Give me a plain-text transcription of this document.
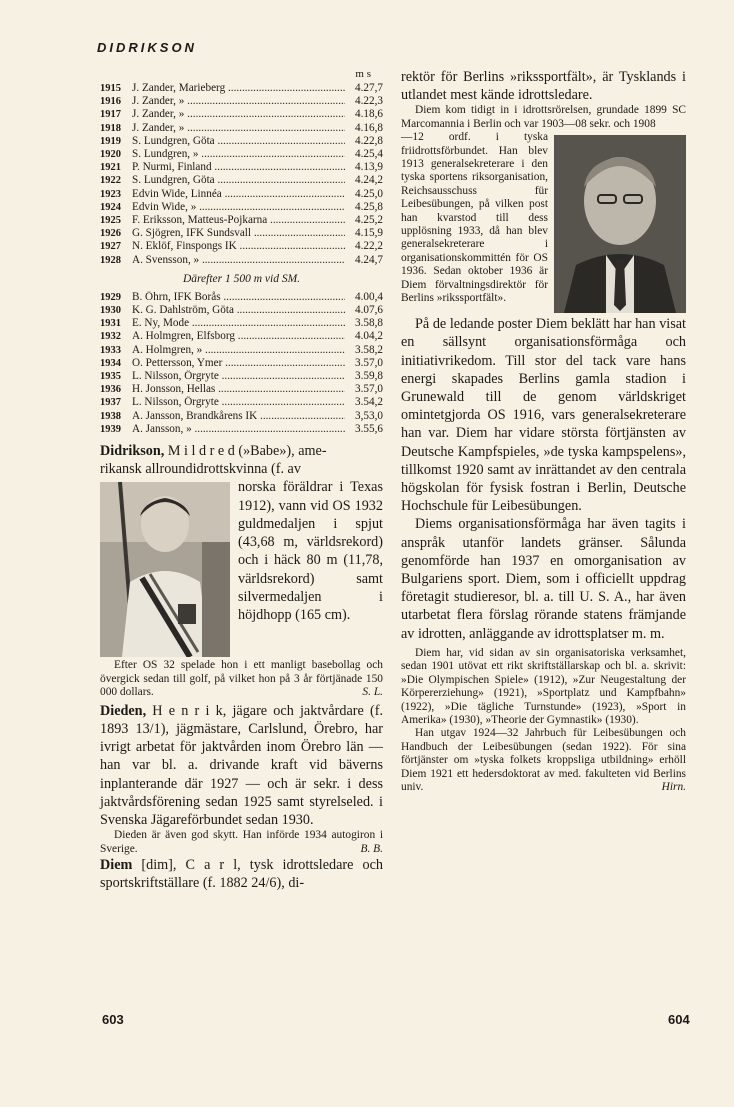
DIDRIKSON
m s
1915 J. Zander, Marieberg .....	4.27,7
1916 J. Zander, » .....	4.22,3
1917 J. Zander, » .....	4.18,6
1918 J. Zander, » .....	4.16,8
1919 S. Lundgren, Göta .....	4.22,8
1920 S. Lundgren, » .....	4.25,4
1921 P. Nurmi, Finland .....	4.13,9
1922 S. Lundgren, Göta .....	4.24,2
1923 Edvin Wide, Linnéa .....	4.25,0
1924 Edvin Wide, » .....	4.25,8
1925 F. Eriksson, Matteus-Pojkarna .....	4.25,2
1926 G. Sjögren, IFK Sundsvall .....	4.15,9
1927 N. Eklöf, Finspongs IK .....	4.22,2
1928 A. Svensson, » .....	4.24,7
Därefter 1 500 m vid SM.
1929 B. Öhrn, IFK Borås .....	4.00,4
1930 K. G. Dahlström, Göta .....	4.07,6
1931 E. Ny, Mode .....	3.58,8
1932 A. Holmgren, Elfsborg .....	4.04,2
1933 A. Holmgren, » .....	3.58,2
1934 O. Pettersson, Ymer .....	3.57,0
1935 L. Nilsson, Örgryte .....	3.59,8
1936 H. Jonsson, Hellas .....	3.57,0
1937 L. Nilsson, Örgryte .....	3.54,2
1938 A. Jansson, Brandkårens IK .....	3,53,0
1939 A. Jansson, » .....	3.55,6

Didrikson, M i l d r e d (»Babe»), ame-
rikansk allroundidrottskvinna (f. av

norska föräldrar i Texas 1912), vann vid OS 1932 guldmedaljen i spjut (43,68 m, världsrekord) och i häck 80 m (11,78, världsrekord) samt silvermedaljen i höjdhopp (165 cm).

Efter OS 32 spelade hon i ett manligt basebollag och övergick sedan till golf, på vilket hon på 3 år förtjänade 150 000 dollars.	S. L.

Dieden, H e n r i k, jägare och jaktvårdare (f. 1893 13/1), jägmästare, Carlslund, Örebro, har ivrigt arbetat för jaktvården inom Örebro län — han var bl. a. drivande kraft vid bäverns inplanterande där 1927 — och är sekr. i dess jaktvårdsförening sedan 1925 samt styrelseled. i Svenska Jägareförbundet sedan 1930.

Dieden är även god skytt. Han införde 1934 autogiron i Sverige.	B. B.

Diem [dim], C a r l, tysk idrottsledare och sportskriftställare (f. 1882 24/6), di-

rektör för Berlins »rikssportfält», är Tysklands i utlandet mest kände idrottsledare.

Diem kom tidigt in i idrottsrörelsen, grundade 1899 SC Marcomannia i Berlin och var 1903—08 sekr. och 1908

—12 ordf. i tyska friidrottsförbundet. Han blev 1913 generalsekreterare i den tyska sportens riksorganisation, Reichsausschuss für Leibesübungen, på vilken post han kvarstod till dess upplösning 1933, då han blev generalsekreterare i organisationskommittén för OS 1936. Sedan oktober 1936 är Diem förvaltningsdirektör för Berlins »rikssportfält».

På de ledande poster Diem beklätt har han visat en sällsynt organisationsförmåga och initiativrikedom. Till stor del tack vare hans energi skapades Berlins gamla stadion i Grunewald till de genom världskriget omintetgjorda OS 1916, vars generalsekreterare han var. Diem har vidare största förtjänsten av Deutsche Kampfspieles, »de tyska kampspelens», tillkomst 1920 samt av inrättandet av den centrala högskolan för fysisk fostran i Berlin, Deutsche Hochschule für Leibesübungen.

Diems organisationsförmåga har även tagits i anspråk utanför landets gränser. Sålunda genomförde han 1937 en omorganisation av Bulgariens sport. Diem, som i officiellt uppdrag företagit studieresor, bl. a. till U. S. A., har även utarbetat flera förslag rörande statens främjande av idrotten, anläggande av idrottsplatser m. m.

Diem har, vid sidan av sin organisatoriska verksamhet, sedan 1901 utövat ett rikt skriftställarskap och bl. a. skrivit: »Die Olympischen Spiele» (1912), »Zur Neugestaltung der Körpererziehung» (1921), »Sportplatz und Kampfbahn» (1922), »Die tägliche Turnstunde» (1923), »Sport in Amerika» (1930), »Theorie der Gymnastik» (1930).

Han utgav 1924—32 Jahrbuch für Leibesübungen och Handbuch der Leibesübungen (sedan 1922). För sina förtjänster om »tyska folkets kroppsliga utbildning» erhöll Diem 1921 ett hedersdoktorat av med. fakulteten vid Berlins univ.	Hirn.

603	604
